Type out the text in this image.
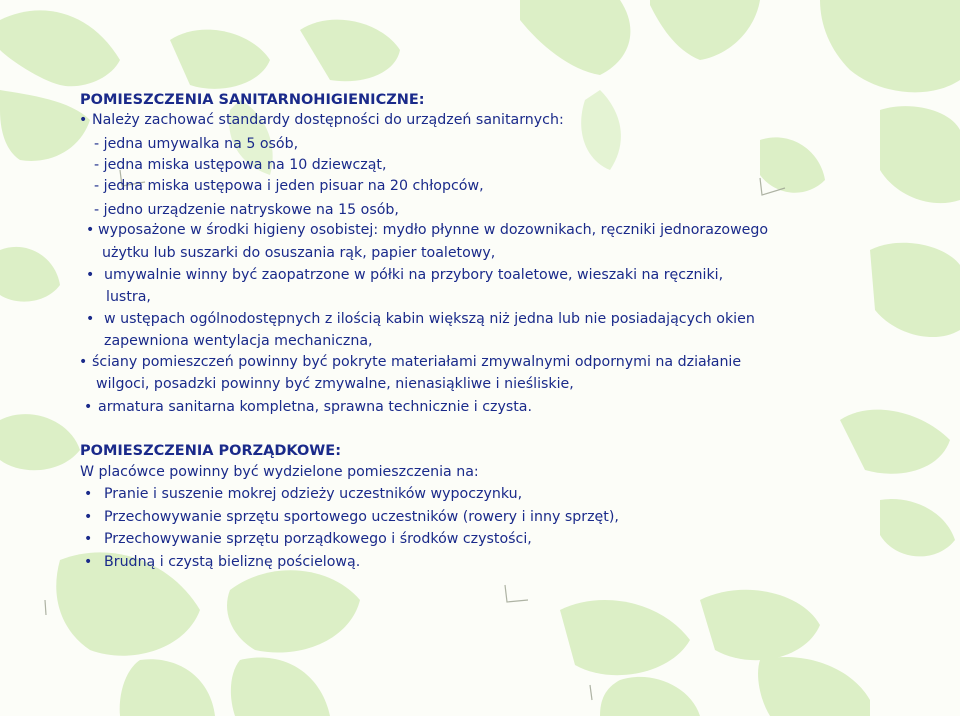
POMIESZCZENIA SANITARNOHIGIENICZNE:
• Należy zachować standardy dostępności do urządzeń sanitarnych:
- jedna umywalka na 5 osób,
- jedna miska ustępowa na 10 dziewcząt,
- jedna miska ustępowa i jeden pisuar na 20 chłopców,
- jedno urządzenie natryskowe na 15 osób,
• wyposażone w środki higieny osobistej: mydło płynne w dozownikach, ręczniki jednorazowego
użytku lub suszarki do osuszania rąk, papier toaletowy,
• umywalnie winny być zaopatrzone w półki na przybory toaletowe, wieszaki na ręczniki,
lustra,
• w ustępach ogólnodostępnych z ilością kabin większą niż jedna lub nie posiadających okien
zapewniona wentylacja mechaniczna,
• ściany pomieszczeń powinny być pokryte materiałami zmywalnymi odpornymi na działanie
wilgoci, posadzki powinny być zmywalne, nienasiąkliwe i nieśliskie,
• armatura sanitarna kompletna, sprawna technicznie i czysta.
POMIESZCZENIA PORZĄDKOWE:
W placówce powinny być wydzielone pomieszczenia na:
• Pranie i suszenie mokrej odzieży uczestników wypoczynku,
• Przechowywanie sprzętu sportowego uczestników (rowery i inny sprzęt),
• Przechowywanie sprzętu porządkowego i środków czystości,
• Brudną i czystą bieliznę pościelową.
